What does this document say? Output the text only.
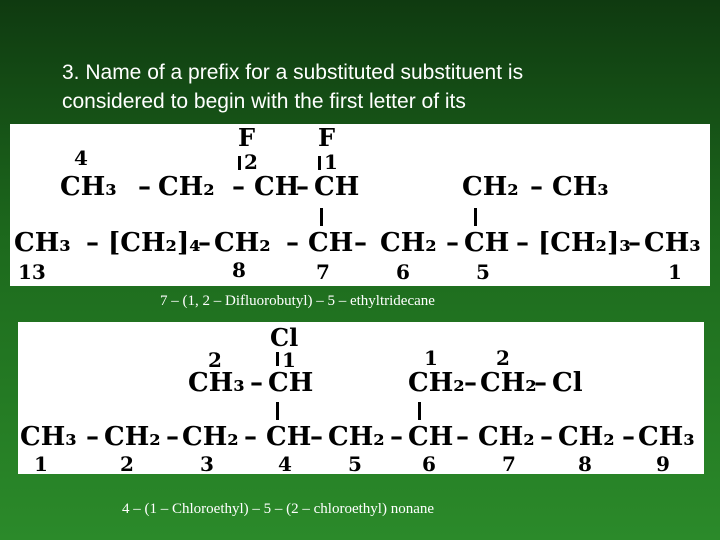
3. Name of a prefix for a substituted substituent is
considered to begin with the first letter of its
4
CH₃ – CH₂ – CH
– CH
F
2
F
1
CH₂ – CH₃
CH₃ – [CH₂]₄
– CH₂ – CH – CH₂ – CH – [CH₂]₃
– CH₃
13	8	7	6	5	1
7 – (1, 2 – Difluorobutyl) – 5 – ethyltridecane
Cl
1
2	1	2
CH₃ – CH	CH₂ – CH₂
– Cl
CH₃ – CH₂ – CH₂ – CH
– CH₂ – CH – CH₂ – CH₂ – CH₃
1	2	3	4	5	6	7	8	9
4 – (1 – Chloroethyl) – 5 – (2 – chloroethyl) nonane
